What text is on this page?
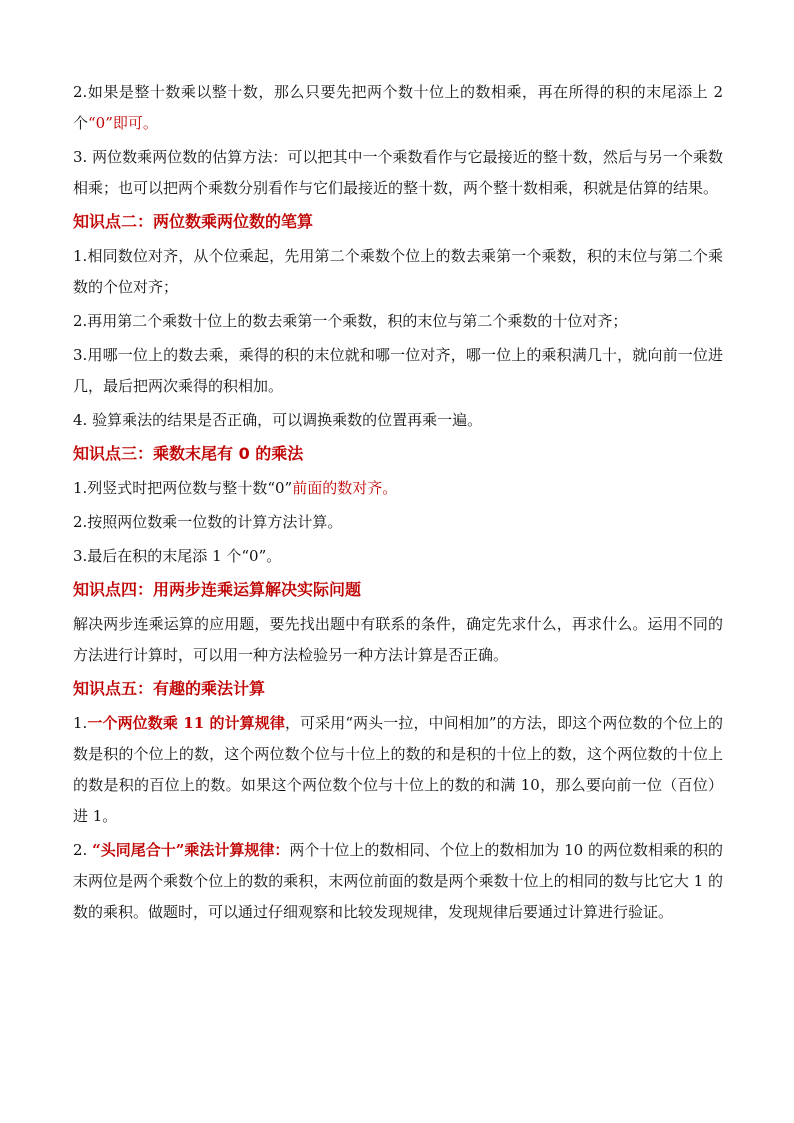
2.如果是整十数乘以整十数，那么只要先把两个数十位上的数相乘，再在所得的积的末尾添上 2 个“0”即可。

3. 两位数乘两位数的估算方法：可以把其中一个乘数看作与它最接近的整十数，然后与另一个乘数相乘；也可以把两个乘数分别看作与它们最接近的整十数，两个整十数相乘，积就是估算的结果。

知识点二：两位数乘两位数的笔算

1.相同数位对齐，从个位乘起，先用第二个乘数个位上的数去乘第一个乘数，积的末位与第二个乘数的个位对齐；

2.再用第二个乘数十位上的数去乘第一个乘数，积的末位与第二个乘数的十位对齐；

3.用哪一位上的数去乘，乘得的积的末位就和哪一位对齐，哪一位上的乘积满几十，就向前一位进几，最后把两次乘得的积相加。

4. 验算乘法的结果是否正确，可以调换乘数的位置再乘一遍。

知识点三：乘数末尾有 0 的乘法

1.列竖式时把两位数与整十数“0”前面的数对齐。

2.按照两位数乘一位数的计算方法计算。

3.最后在积的末尾添 1 个“0”。

知识点四：用两步连乘运算解决实际问题

解决两步连乘运算的应用题，要先找出题中有联系的条件，确定先求什么，再求什么。运用不同的方法进行计算时，可以用一种方法检验另一种方法计算是否正确。

知识点五：有趣的乘法计算

1.一个两位数乘 11 的计算规律，可采用“两头一拉，中间相加”的方法，即这个两位数的个位上的数是积的个位上的数，这个两位数个位与十位上的数的和是积的十位上的数，这个两位数的十位上的数是积的百位上的数。如果这个两位数个位与十位上的数的和满 10，那么要向前一位（百位）进 1。

2. “头同尾合十”乘法计算规律：两个十位上的数相同、个位上的数相加为 10 的两位数相乘的积的末两位是两个乘数个位上的数的乘积，末两位前面的数是两个乘数十位上的相同的数与比它大 1 的数的乘积。做题时，可以通过仔细观察和比较发现规律，发现规律后要通过计算进行验证。
